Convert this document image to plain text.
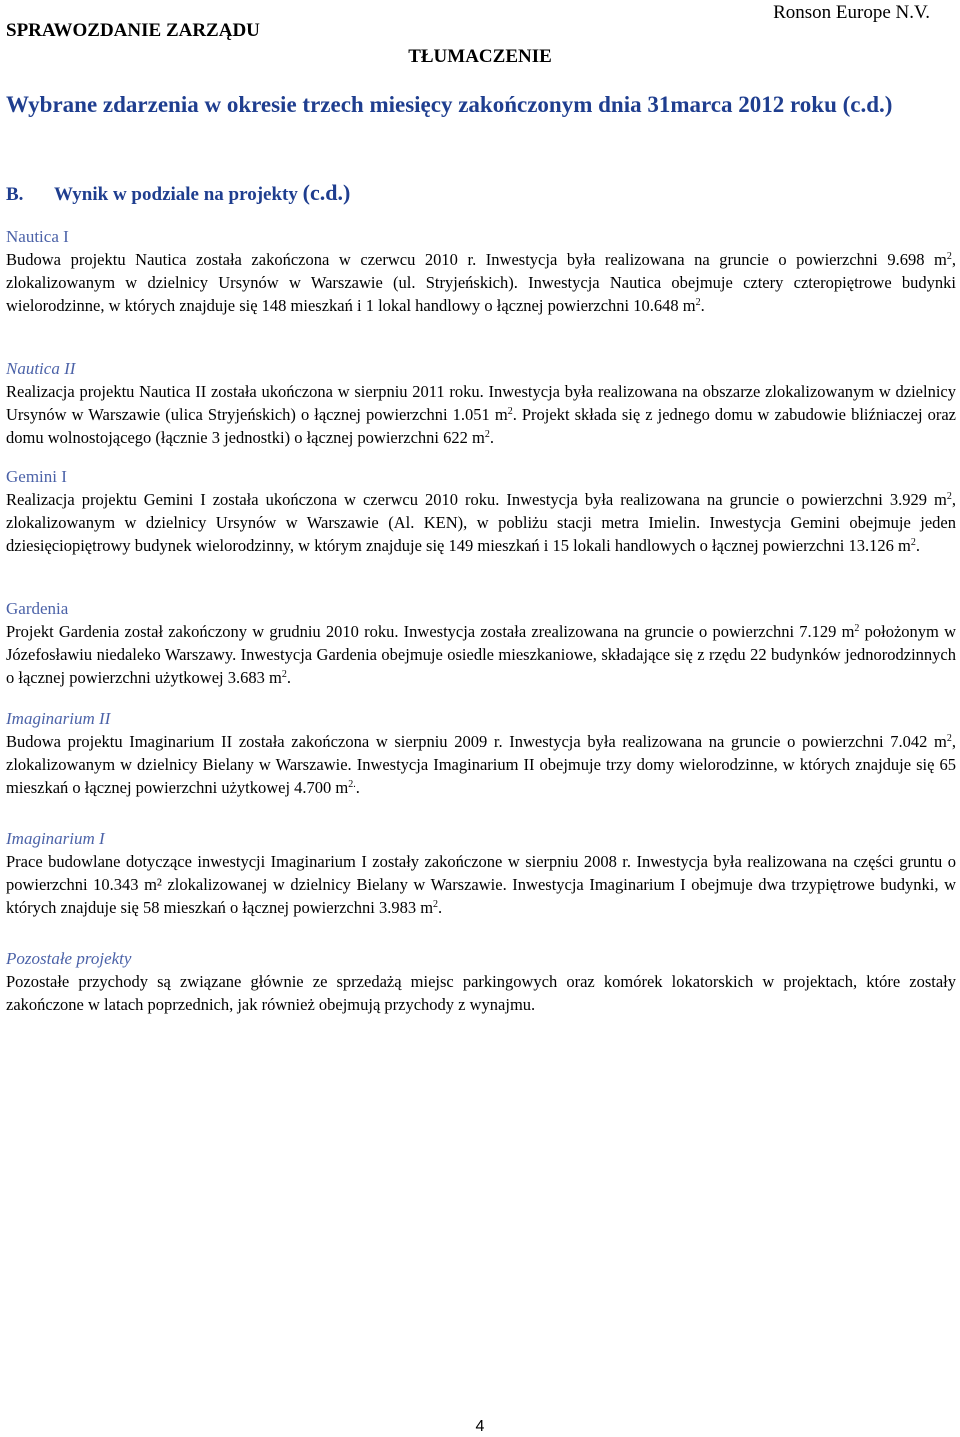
SPRAWOZDANIE ZARZĄDU
TŁUMACZENIE
Ronson Europe N.V.
Wybrane zdarzenia w okresie trzech miesięcy zakończonym dnia 31marca 2012 roku (c.d.)
B. Wynik w podziale na projekty (c.d.)
Nautica I

Budowa projektu Nautica została zakończona w czerwcu 2010 r. Inwestycja była realizowana na gruncie o powierzchni 9.698 $m^2$, zlokalizowanym w dzielnicy Ursynów w Warszawie (ul. Stryjeńskich). Inwestycja Nautica obejmuje cztery czteropiętrowe budynki wielorodzinne, w których znajduje się 148 mieszkań i 1 lokal handlowy o łącznej powierzchni 10.648 $m^2$.

Nautica II

Realizacja projektu Nautica II została ukończona w sierpniu 2011 roku. Inwestycja była realizowana na obszarze zlokalizowanym w dzielnicy Ursynów w Warszawie (ulica Stryjeńskich) o łącznej powierzchni 1.051 $m^2$. Projekt składa się z jednego domu w zabudowie bliźniaczej oraz domu wolnostojącego (łącznie 3 jednostki) o łącznej powierzchni 622 $m^2$.

Gemini I

Realizacja projektu Gemini I została ukończona w czerwcu 2010 roku. Inwestycja była realizowana na gruncie o powierzchni 3.929 $m^2$, zlokalizowanym w dzielnicy Ursynów w Warszawie (Al. KEN), w pobliżu stacji metra Imielin. Inwestycja Gemini obejmuje jeden dziesięciopiętrowy budynek wielorodzinny, w którym znajduje się 149 mieszkań i 15 lokali handlowych o łącznej powierzchni 13.126 $m^2$.

Gardenia

Projekt Gardenia został zakończony w grudniu 2010 roku. Inwestycja została zrealizowana na gruncie o powierzchni 7.129 $m^2$ położonym w Józefosławiu niedaleko Warszawy. Inwestycja Gardenia obejmuje osiedle mieszkaniowe, składające się z rzędu 22 budynków jednorodzinnych o łącznej powierzchni użytkowej 3.683 $m^2$.

Imaginarium II

Budowa projektu Imaginarium II została zakończona w sierpniu 2009 r. Inwestycja była realizowana na gruncie o powierzchni 7.042 $m^2$, zlokalizowanym w dzielnicy Bielany w Warszawie. Inwestycja Imaginarium II obejmuje trzy domy wielorodzinne, w których znajduje się 65 mieszkań o łącznej powierzchni użytkowej 4.700 $m^{2.}$.

Imaginarium I

Prace budowlane dotyczące inwestycji Imaginarium I zostały zakończone w sierpniu 2008 r. Inwestycja była realizowana na części gruntu o powierzchni 10.343 m² zlokalizowanej w dzielnicy Bielany w Warszawie. Inwestycja Imaginarium I obejmuje dwa trzypiętrowe budynki, w których znajduje się 58 mieszkań o łącznej powierzchni 3.983 $m^2$.

Pozostałe projekty

Pozostałe przychody są związane głównie ze sprzedażą miejsc parkingowych oraz komórek lokatorskich w projektach, które zostały zakończone w latach poprzednich, jak również obejmują przychody z wynajmu.

4
